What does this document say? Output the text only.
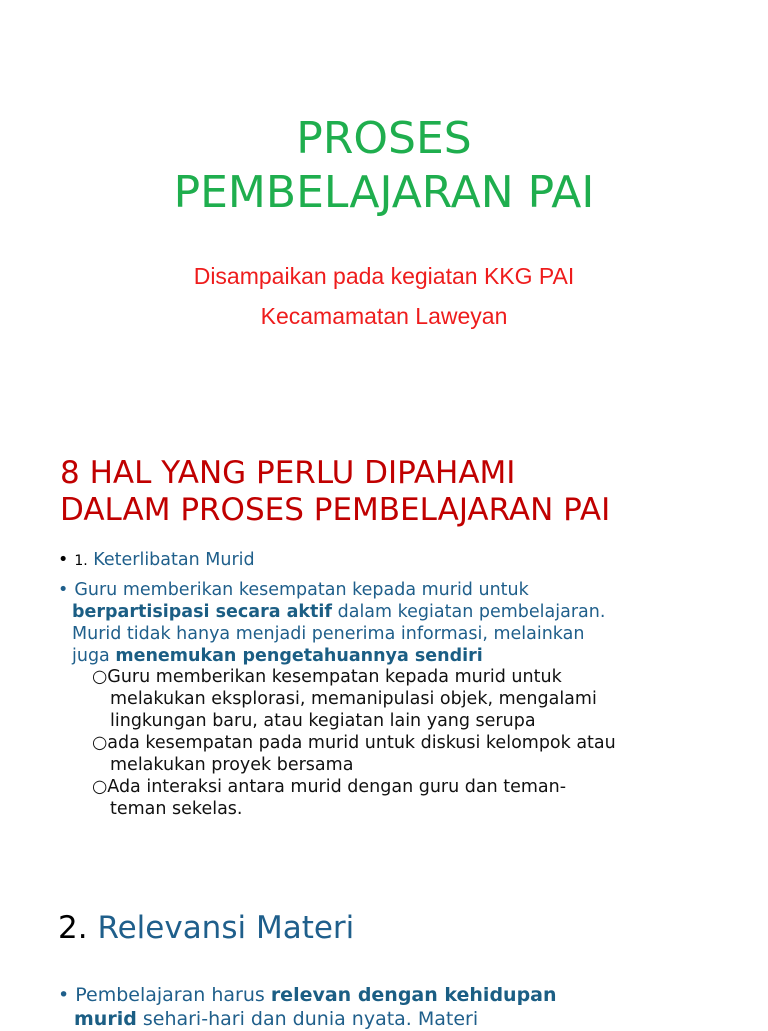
PROSES
PEMBELAJARAN PAI
Disampaikan pada kegiatan KKG PAI
Kecamamatan Laweyan
8 HAL YANG PERLU DIPAHAMI
DALAM PROSES PEMBELAJARAN PAI
• 1. Keterlibatan Murid
• Guru memberikan kesempatan kepada murid untuk
berpartisipasi secara aktif dalam kegiatan pembelajaran.
Murid tidak hanya menjadi penerima informasi, melainkan
juga menemukan pengetahuannya sendiri
○Guru memberikan kesempatan kepada murid untuk
melakukan eksplorasi, memanipulasi objek, mengalami
lingkungan baru, atau kegiatan lain yang serupa
○ada kesempatan pada murid untuk diskusi kelompok atau
melakukan proyek bersama
○Ada interaksi antara murid dengan guru dan teman-
teman sekelas.
2. Relevansi Materi
• Pembelajaran harus relevan dengan kehidupan
murid sehari-hari dan dunia nyata. Materi
